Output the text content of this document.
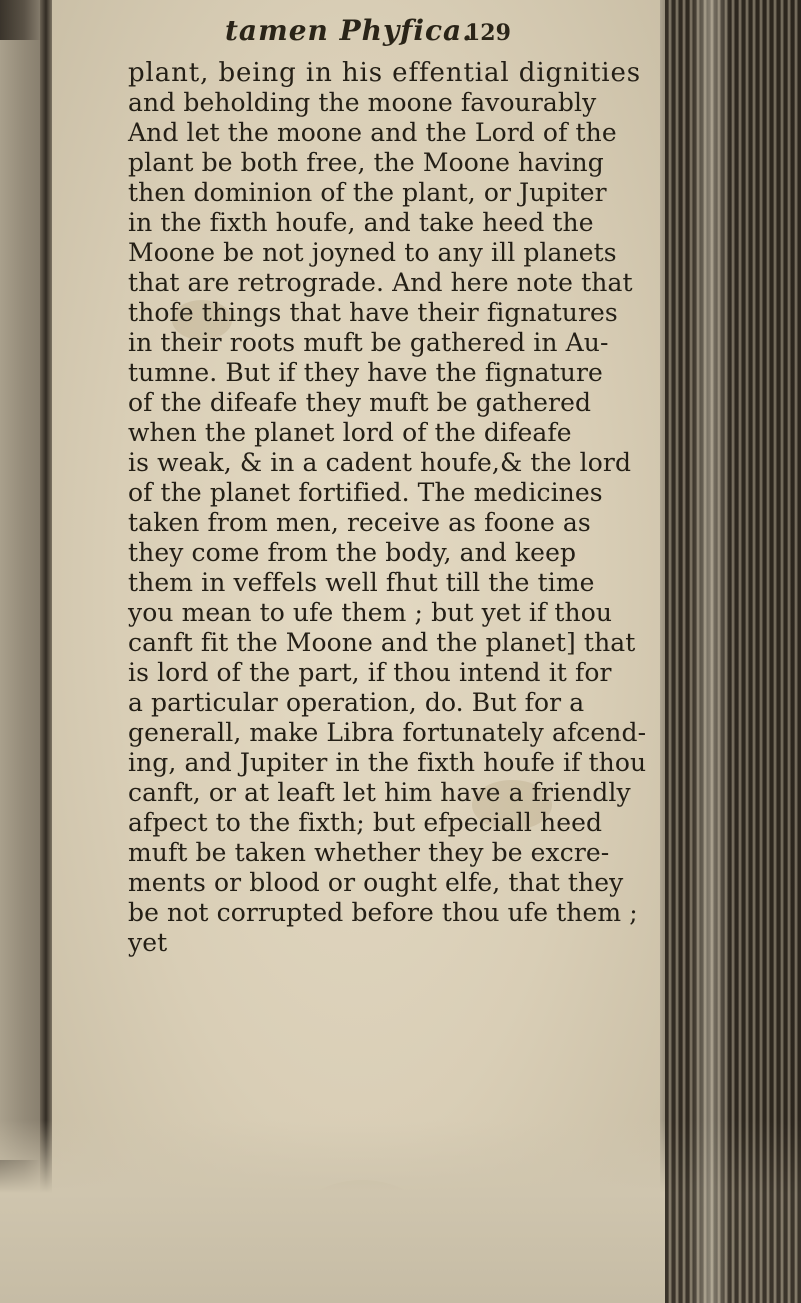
tamen Phyfica.
129
plant, being in his effential dignities
and beholding the moone favourably
And let the moone and the Lord of the
plant be both free, the Moone having
then dominion of the plant, or Jupiter
in the fixth houfe, and take heed the
Moone be not joyned to any ill planets
that are retrograde. And here note that
thofe things that have their fignatures
in their roots muft be gathered in Au-
tumne. But if they have the fignature
of the difeafe they muft be gathered
when the planet lord of the difeafe
is weak, & in a cadent houfe,& the lord
of the planet fortified. The medicines
taken from men, receive as foone as
they come from the body, and keep
them in veffels well fhut till the time
you mean to ufe them ; but yet if thou
canft fit the Moone and the planet] that
is lord of the part, if thou intend it for
a particular operation, do. But for a
generall, make Libra fortunately afcend-
ing, and Jupiter in the fixth houfe if thou
canft, or at leaft let him have a friendly
afpect to the fixth; but efpeciall heed
muft be taken whether they be excre-
ments or blood or ought elfe, that they
be not corrupted before thou ufe them ;
yet
